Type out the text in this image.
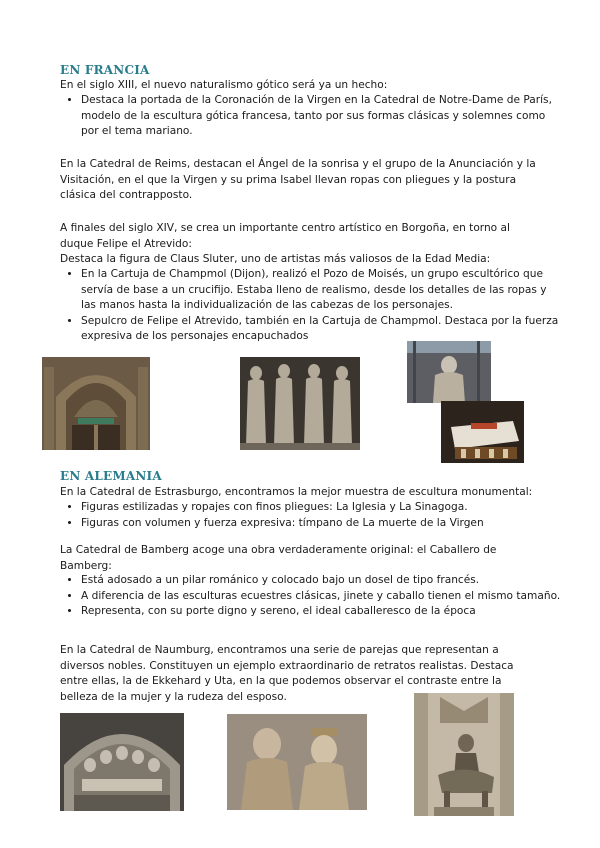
EN FRANCIA

En el siglo XIII, el nuevo naturalismo gótico será ya un hecho:

• Destaca la portada de la Coronación de la Virgen en la Catedral de Notre-Dame de París, modelo de la escultura gótica francesa, tanto por sus formas clásicas y solemnes como por el tema mariano.

En la Catedral de Reims, destacan el Ángel de la sonrisa y el grupo de la Anunciación y la Visitación, en el que la Virgen y su prima Isabel llevan ropas con pliegues y la postura clásica del contrapposto.

A finales del siglo XIV, se crea un importante centro artístico en Borgoña, en torno al duque Felipe el Atrevido:

Destaca la figura de Claus Sluter, uno de artistas más valiosos de la Edad Media:

• En la Cartuja de Champmol (Dijon), realizó el Pozo de Moisés, un grupo escultórico que servía de base a un crucifijo. Estaba lleno de realismo, desde los detalles de las ropas y las manos hasta la individualización de las cabezas de los personajes.
• Sepulcro de Felipe el Atrevido, también en la Cartuja de Champmol. Destaca por la fuerza expresiva de los personajes encapuchados
EN ALEMANIA

En la Catedral de Estrasburgo, encontramos la mejor muestra de escultura monumental:

• Figuras estilizadas y ropajes con finos pliegues: La Iglesia y La Sinagoga.
• Figuras con volumen y fuerza expresiva: tímpano de La muerte de la Virgen

La Catedral de Bamberg acoge una obra verdaderamente original: el Caballero de Bamberg:

• Está adosado a un pilar románico y colocado bajo un dosel de tipo francés.
• A diferencia de las esculturas ecuestres clásicas, jinete y caballo tienen el mismo tamaño.
• Representa, con su porte digno y sereno, el ideal caballeresco de la época

En la Catedral de Naumburg, encontramos una serie de parejas que representan a diversos nobles. Constituyen un ejemplo extraordinario de retratos realistas. Destaca entre ellas, la de Ekkehard y Uta, en la que podemos observar el contraste entre la belleza de la mujer y la rudeza del esposo.
